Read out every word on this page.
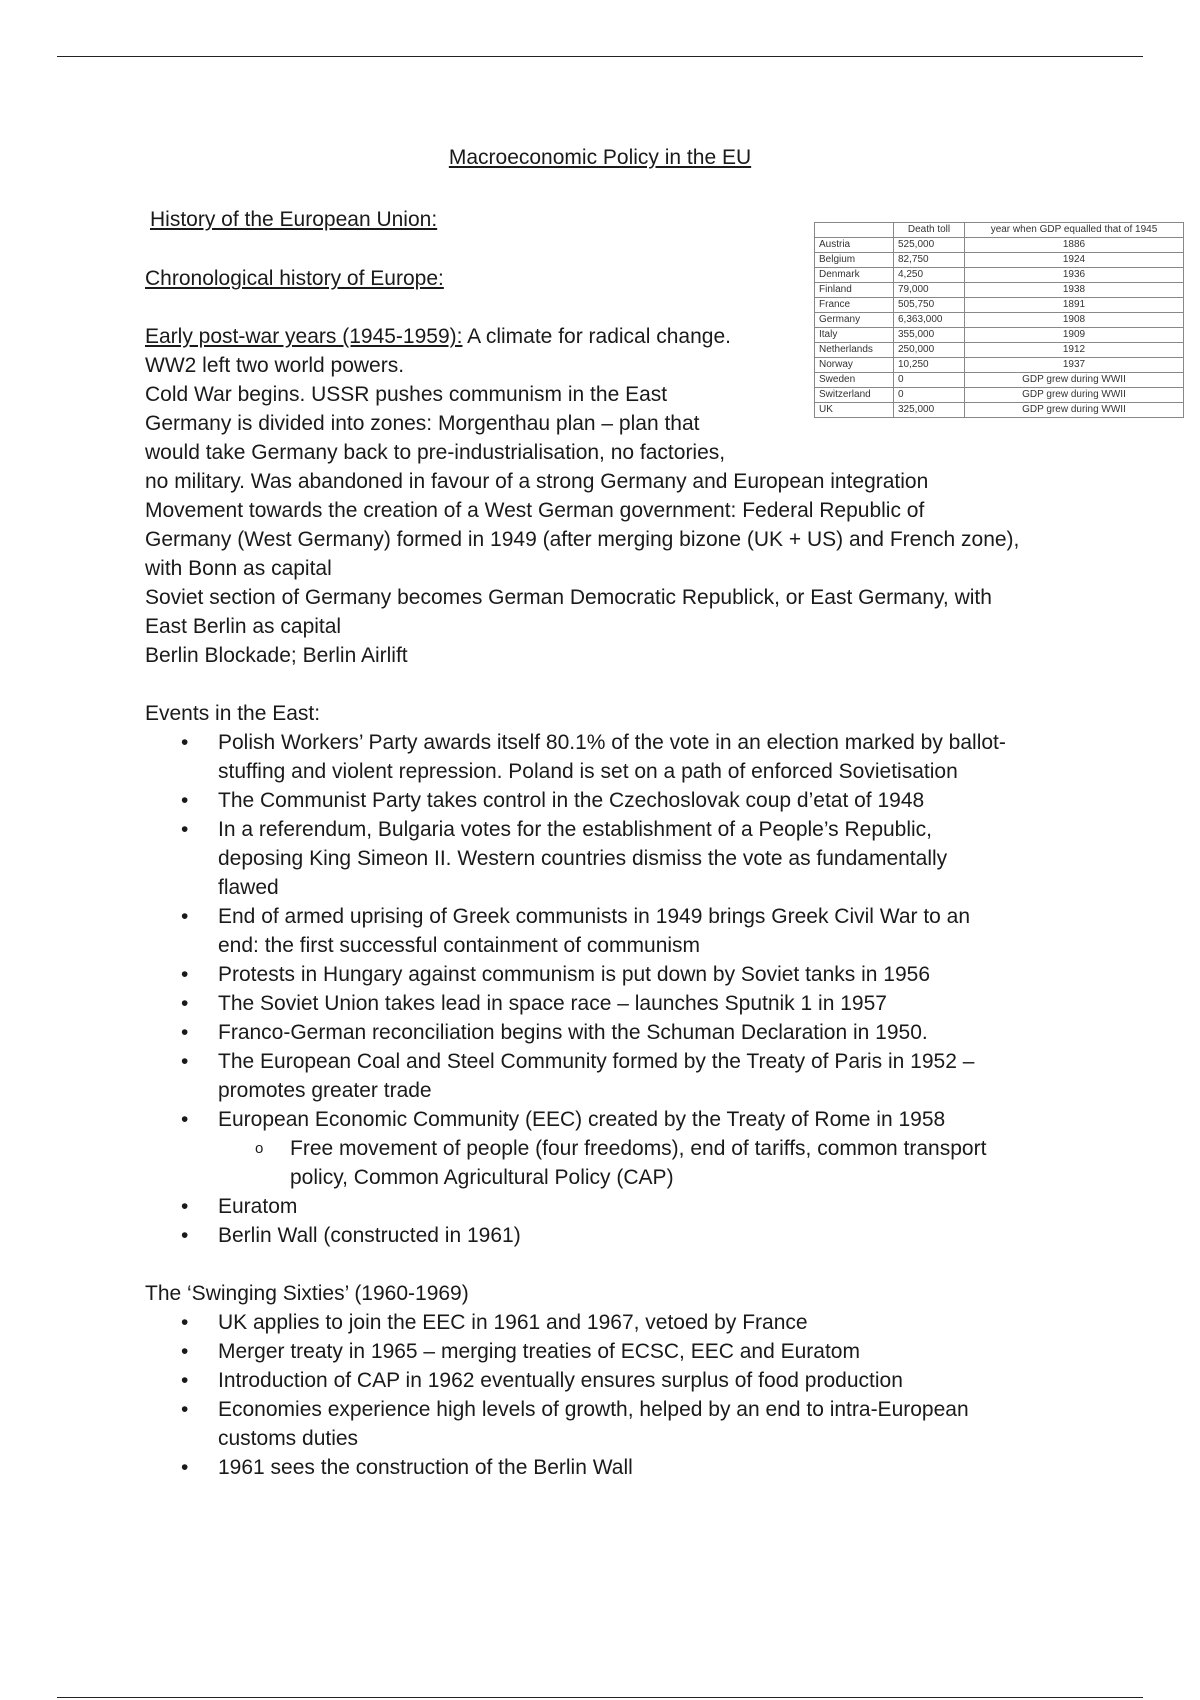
Macroeconomic Policy in the EU
History of the European Union:
Chronological history of Europe:
	Death toll	year when GDP equalled that of 1945
Austria	525,000	1886
Belgium	82,750	1924
Denmark	4,250	1936
Finland	79,000	1938
France	505,750	1891
Germany	6,363,000	1908
Italy	355,000	1909
Netherlands	250,000	1912
Norway	10,250	1937
Sweden	0	GDP grew during WWII
Switzerland	0	GDP grew during WWII
UK	325,000	GDP grew during WWII
Early post-war years (1945-1959): A climate for radical change.
WW2 left two world powers.
Cold War begins. USSR pushes communism in the East
Germany is divided into zones: Morgenthau plan – plan that
would take Germany back to pre-industrialisation, no factories,
no military. Was abandoned in favour of a strong Germany and European integration
Movement towards the creation of a West German government: Federal Republic of
Germany (West Germany) formed in 1949 (after merging bizone (UK + US) and French zone),
with Bonn as capital
Soviet section of Germany becomes German Democratic Republick, or East Germany, with
East Berlin as capital
Berlin Blockade; Berlin Airlift
Events in the East:
• Polish Workers’ Party awards itself 80.1% of the vote in an election marked by ballot-
stuffing and violent repression. Poland is set on a path of enforced Sovietisation
• The Communist Party takes control in the Czechoslovak coup d’etat of 1948
• In a referendum, Bulgaria votes for the establishment of a People’s Republic,
deposing King Simeon II. Western countries dismiss the vote as fundamentally
flawed
• End of armed uprising of Greek communists in 1949 brings Greek Civil War to an
end: the first successful containment of communism
• Protests in Hungary against communism is put down by Soviet tanks in 1956
• The Soviet Union takes lead in space race – launches Sputnik 1 in 1957
• Franco-German reconciliation begins with the Schuman Declaration in 1950.
• The European Coal and Steel Community formed by the Treaty of Paris in 1952 –
promotes greater trade
• European Economic Community (EEC) created by the Treaty of Rome in 1958
o Free movement of people (four freedoms), end of tariffs, common transport
policy, Common Agricultural Policy (CAP)
• Euratom
• Berlin Wall (constructed in 1961)
The ‘Swinging Sixties’ (1960-1969)
• UK applies to join the EEC in 1961 and 1967, vetoed by France
• Merger treaty in 1965 – merging treaties of ECSC, EEC and Euratom
• Introduction of CAP in 1962 eventually ensures surplus of food production
• Economies experience high levels of growth, helped by an end to intra-European
customs duties
• 1961 sees the construction of the Berlin Wall
